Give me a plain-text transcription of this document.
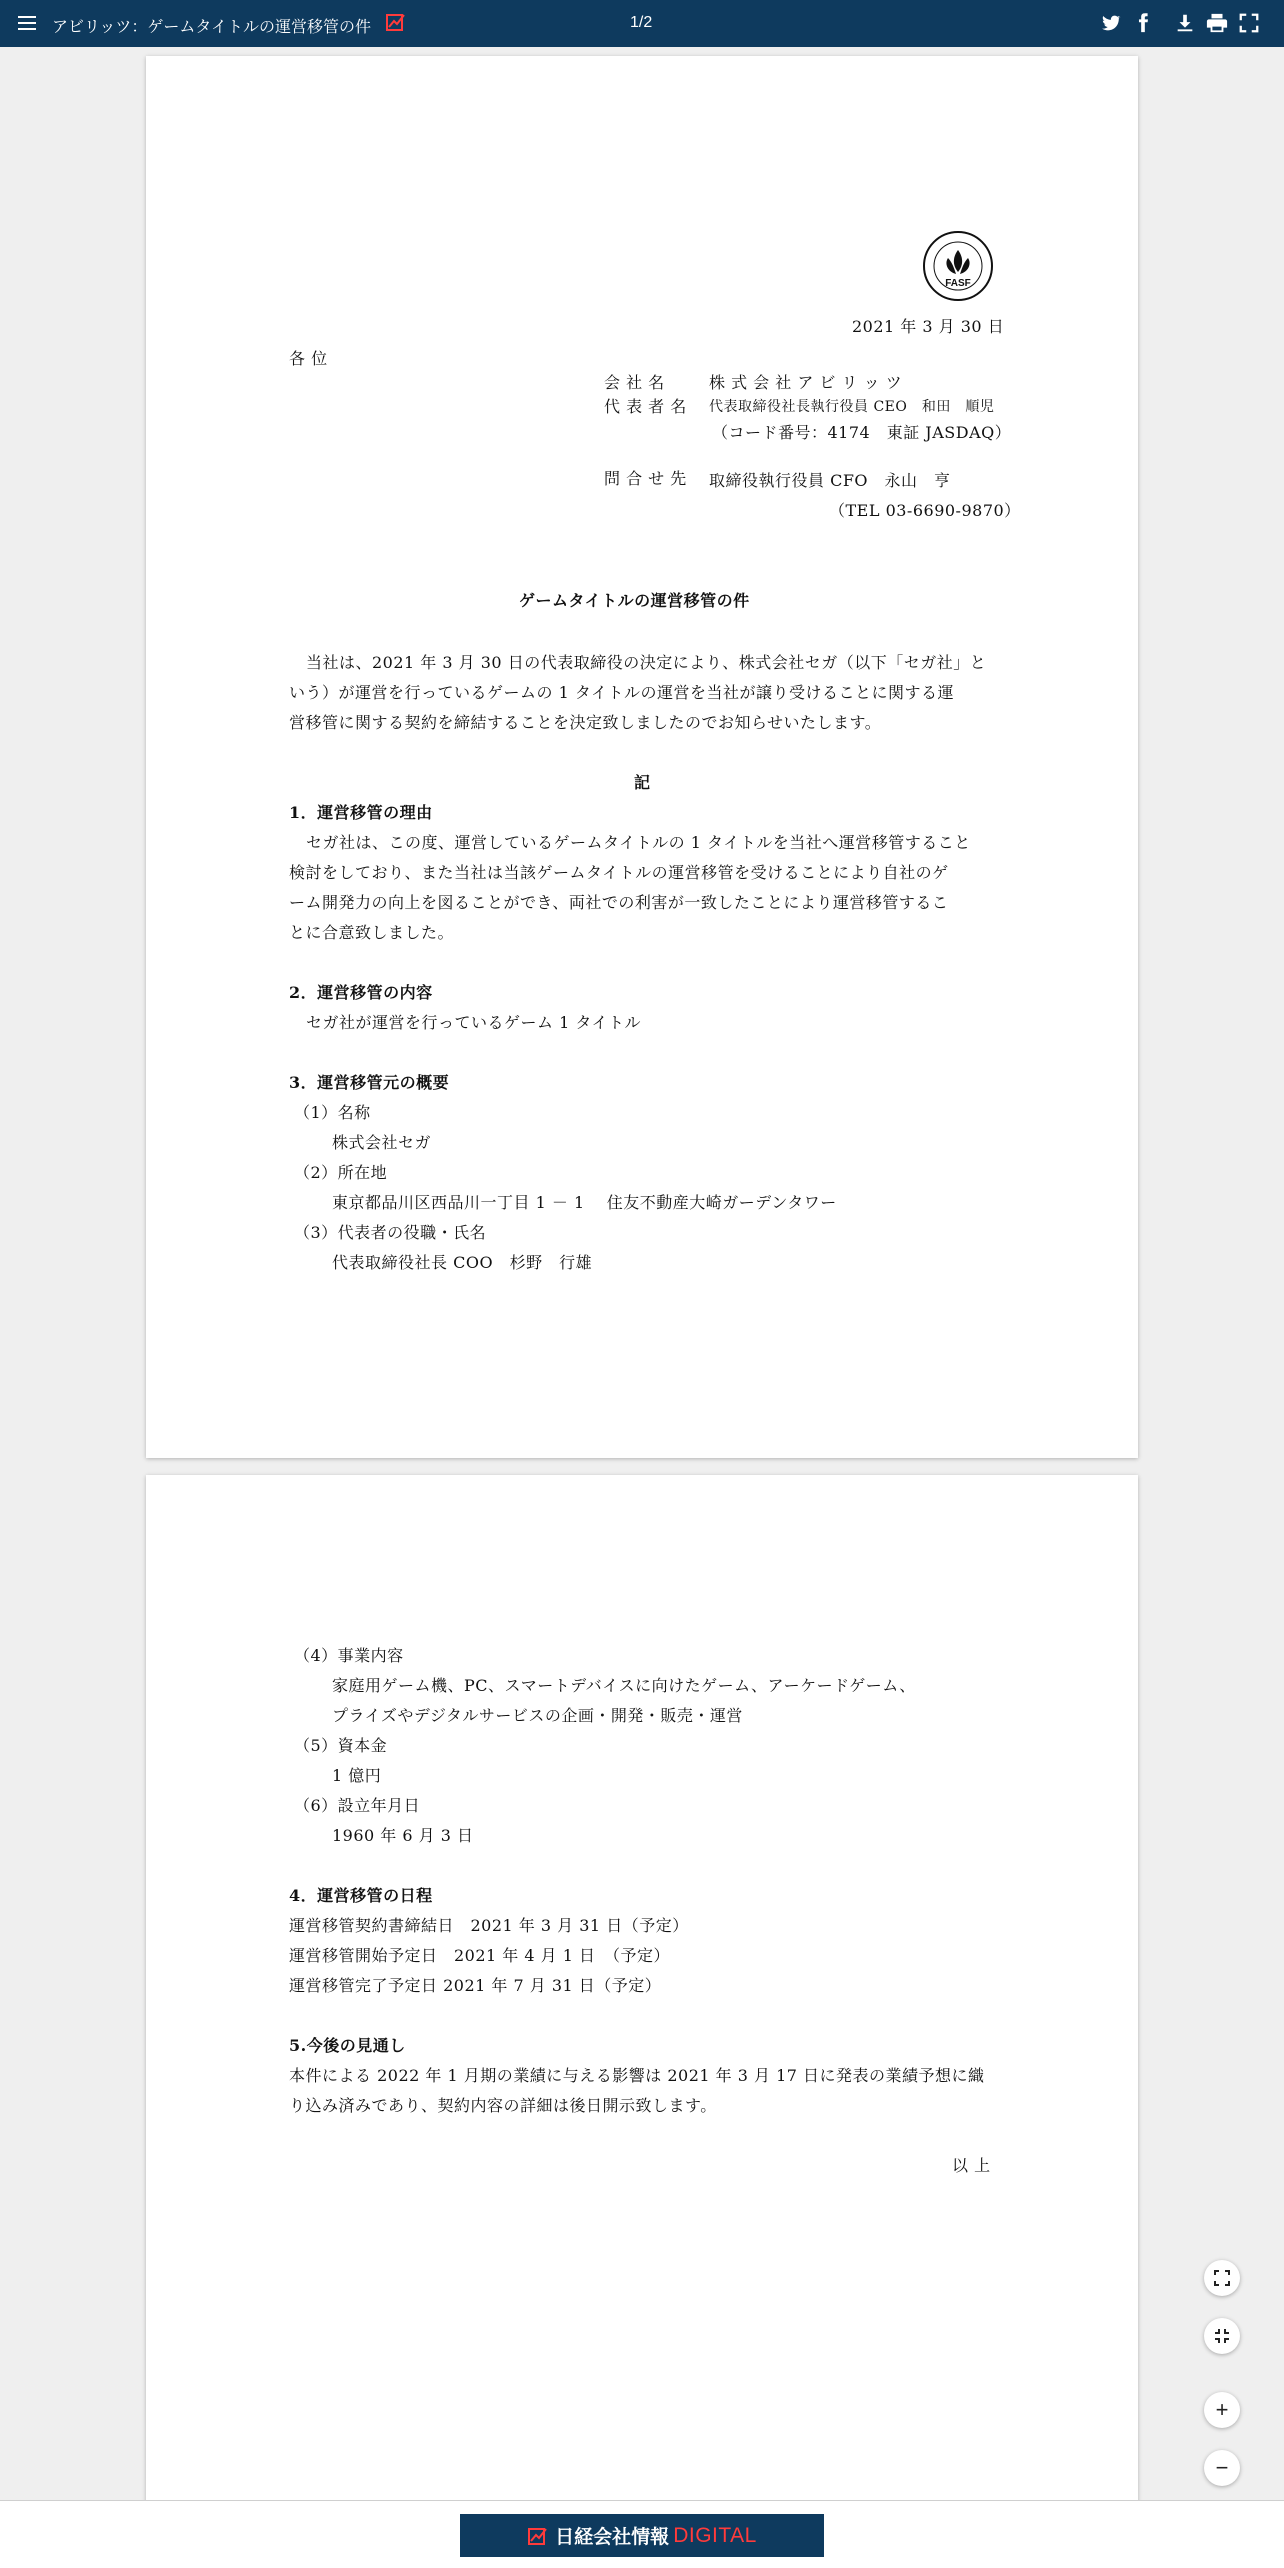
アビリッツ：ゲームタイトルの運営移管の件	1/2
FASF
2021 年 3 月 30 日
各 位
会 社 名	株 式 会 社 ア ビ リ ッ ツ
代 表 者 名 代表取締役社長執行役員 CEO　和田　順児
（コード番号：4174　東証 JASDAQ）
問 合 せ 先 取締役執行役員 CFO　永山　亨
（TEL 03-6690-9870）
ゲームタイトルの運営移管の件
当社は、2021 年 3 月 30 日の代表取締役の決定により、株式会社セガ（以下「セガ社」と
いう）が運営を行っているゲームの 1 タイトルの運営を当社が譲り受けることに関する運
営移管に関する契約を締結することを決定致しましたのでお知らせいたします。
記
1．運営移管の理由
セガ社は、この度、運営しているゲームタイトルの 1 タイトルを当社へ運営移管すること
検討をしており、また当社は当該ゲームタイトルの運営移管を受けることにより自社のゲ
ーム開発力の向上を図ることができ、両社での利害が一致したことにより運営移管するこ
とに合意致しました。
2．運営移管の内容
セガ社が運営を行っているゲーム 1 タイトル
3．運営移管元の概要
（1）名称
株式会社セガ
（2）所在地
東京都品川区西品川一丁目 1 － 1　 住友不動産大崎ガーデンタワー
（3）代表者の役職・氏名
代表取締役社長 COO　杉野　行雄
（4）事業内容
家庭用ゲーム機、PC、スマートデバイスに向けたゲーム、アーケードゲーム、
プライズやデジタルサービスの企画・開発・販売・運営
（5）資本金
1 億円
（6）設立年月日
1960 年 6 月 3 日
4．運営移管の日程
運営移管契約書締結日　2021 年 3 月 31 日（予定）
運営移管開始予定日　2021 年 4 月 1 日　（予定）
運営移管完了予定日 2021 年 7 月 31 日（予定）
5.今後の見通し
本件による 2022 年 1 月期の業績に与える影響は 2021 年 3 月 17 日に発表の業績予想に織
り込み済みであり、契約内容の詳細は後日開示致します。
以 上
+
−
日経会社情報 DIGITAL
